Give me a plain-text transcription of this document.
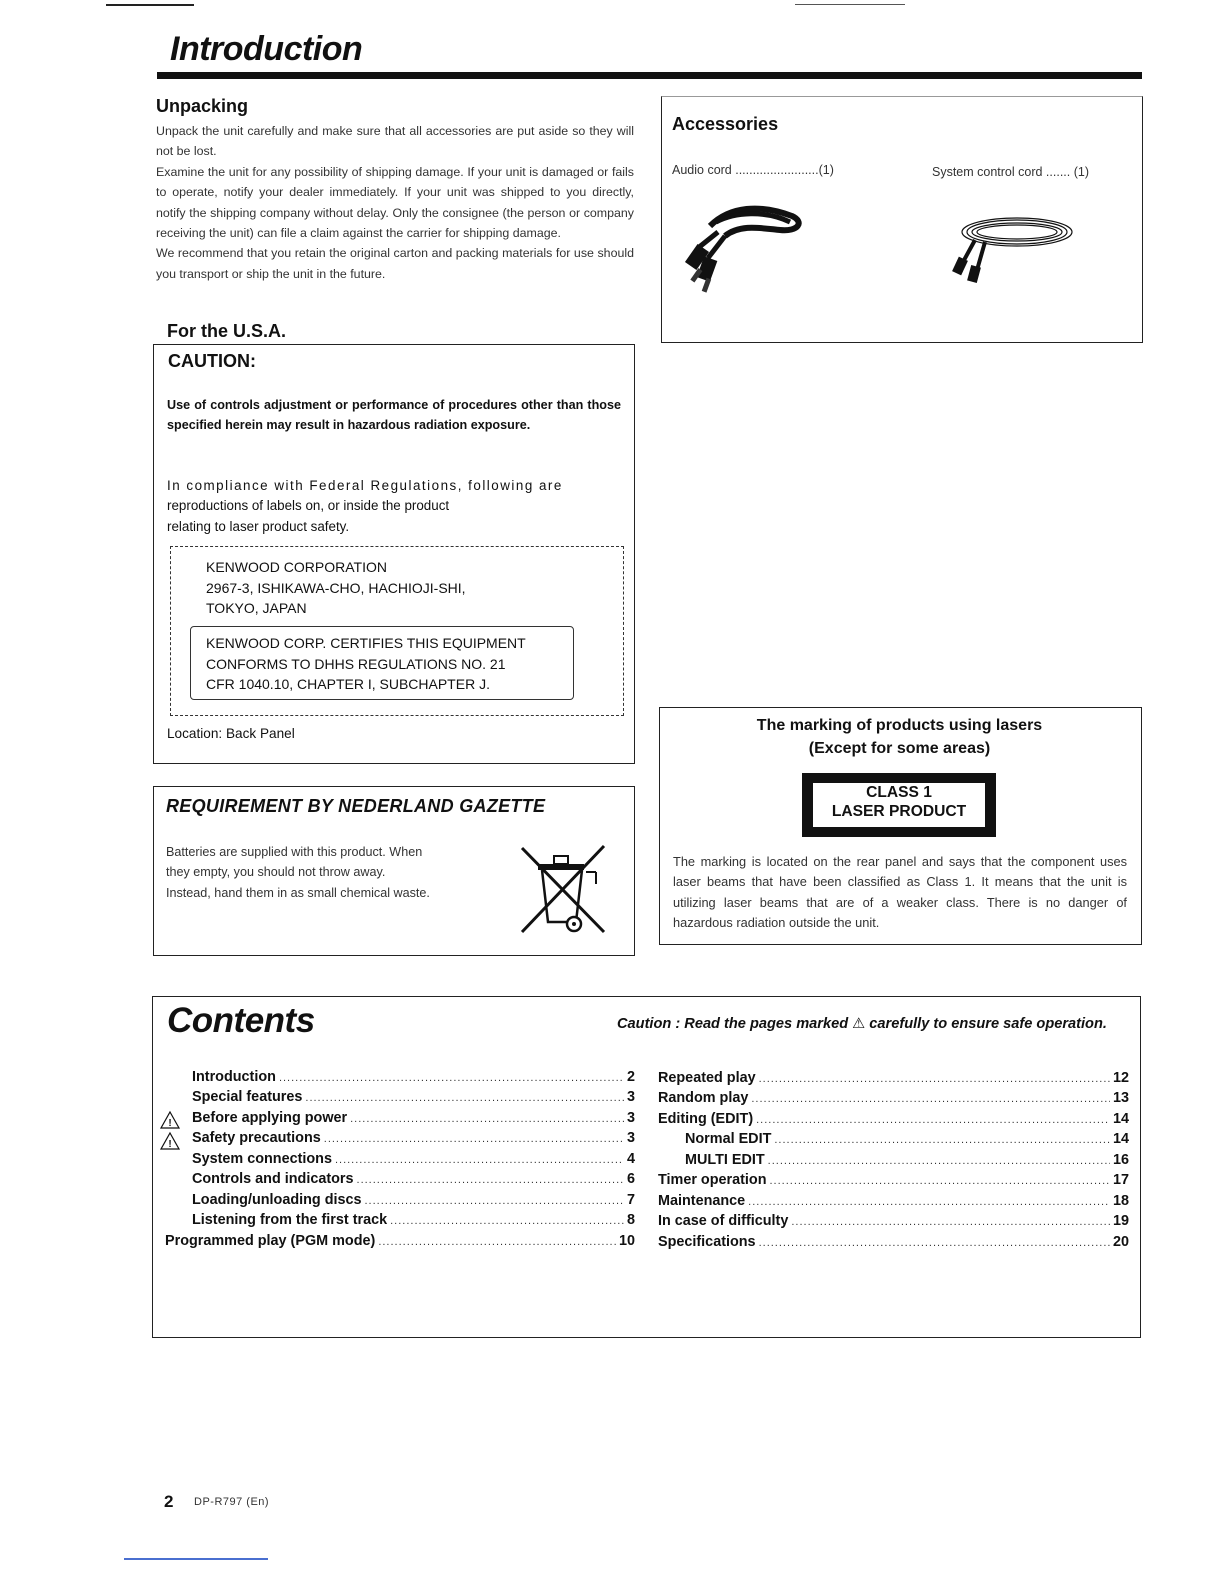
Introduction
Unpacking

Unpack the unit carefully and make sure that all accessories are put aside so they will not be lost.

Examine the unit for any possibility of shipping damage. If your unit is damaged or fails to operate, notify your dealer immediately. If your unit was shipped to you directly, notify the shipping company without delay. Only the consignee (the person or company receiving the unit) can file a claim against the carrier for shipping damage.

We recommend that you retain the original carton and packing materials for use should you transport or ship the unit in the future.

Accessories
Audio cord ........................(1)	System control cord ....... (1)
For the U.S.A.
CAUTION:
Use of controls adjustment or performance of procedures other than those specified herein may result in hazardous radiation exposure.
In compliance with Federal Regulations, following are
reproductions of labels on, or inside the product
relating to laser product safety.
KENWOOD CORPORATION
2967-3, ISHIKAWA-CHO, HACHIOJI-SHI,
TOKYO, JAPAN
KENWOOD CORP. CERTIFIES THIS EQUIPMENT
CONFORMS TO DHHS REGULATIONS NO. 21
CFR 1040.10, CHAPTER I, SUBCHAPTER J.
Location: Back Panel
REQUIREMENT BY NEDERLAND GAZETTE
Batteries are supplied with this product. When
they empty, you should not throw away.
Instead, hand them in as small chemical waste.
The marking of products using lasers
(Except for some areas)
CLASS 1
LASER PRODUCT
The marking is located on the rear panel and says that the component uses laser beams that have been classified as Class 1. It means that the unit is utilizing laser beams that are of a weaker class. There is no danger of hazardous radiation outside the unit.
Contents	Caution : Read the pages marked ⚠ carefully to ensure safe operation.
Introduction .....	2
Special features .....	3
Before applying power .....	3
Safety precautions .....	3
System connections .....	4
Controls and indicators .....	6
Loading/unloading discs .....	7
Listening from the first track .....	8
Programmed play (PGM mode) .....	10
!
!
Repeated play .....	12
Random play .....	13
Editing (EDIT) .....	14
Normal EDIT .....	14
MULTI EDIT .....	16
Timer operation .....	17
Maintenance .....	18
In case of difficulty .....	19
Specifications .....	20
2 DP-R797 (En)
